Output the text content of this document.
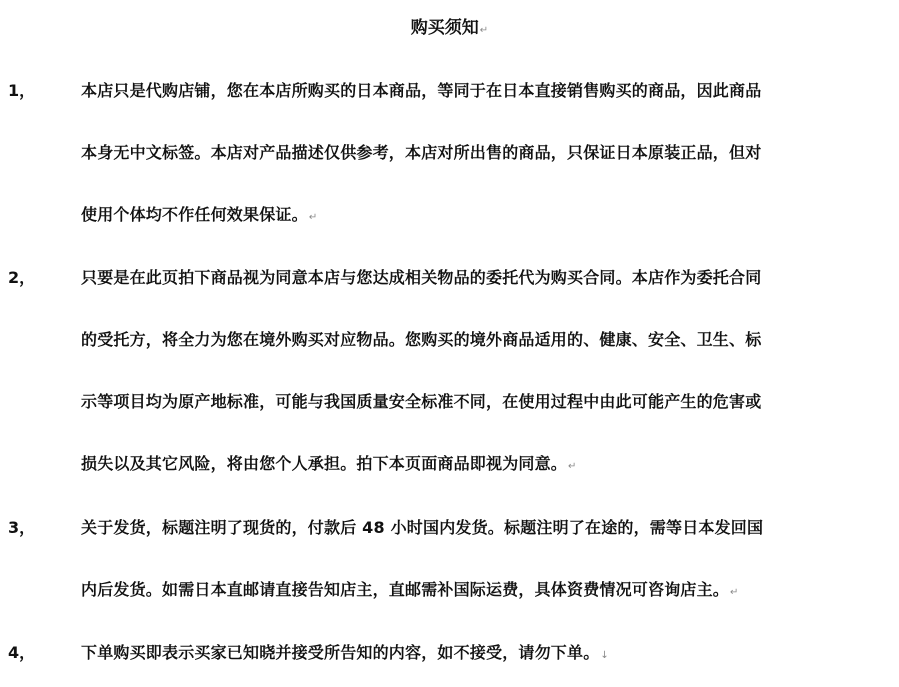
购买须知↵
1，	本店只是代购店铺，您在本店所购买的日本商品，等同于在日本直接销售购买的商品，因此商品
本身无中文标签。本店对产品描述仅供参考，本店对所出售的商品，只保证日本原装正品，但对
使用个体均不作任何效果保证。↵
2，	只要是在此页拍下商品视为同意本店与您达成相关物品的委托代为购买合同。本店作为委托合同
的受托方，将全力为您在境外购买对应物品。您购买的境外商品适用的、健康、安全、卫生、标
示等项目均为原产地标准，可能与我国质量安全标准不同，在使用过程中由此可能产生的危害或
损失以及其它风险，将由您个人承担。拍下本页面商品即视为同意。↵
3，	关于发货，标题注明了现货的，付款后 48 小时国内发货。标题注明了在途的，需等日本发回国
内后发货。如需日本直邮请直接告知店主，直邮需补国际运费，具体资费情况可咨询店主。↵
4，	下单购买即表示买家已知晓并接受所告知的内容，如不接受，请勿下单。↓
